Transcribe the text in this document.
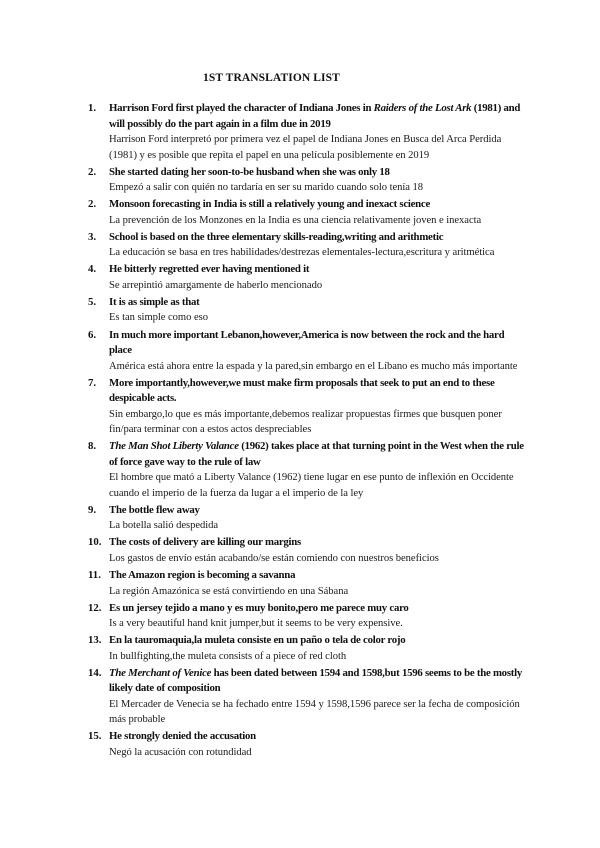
1ST TRANSLATION LIST
1. Harrison Ford first played the character of Indiana Jones in Raiders of the Lost Ark (1981) and will possibly do the part again in a film due in 2019
Harrison Ford interpretó por primera vez el papel de Indiana Jones en Busca del Arca Perdida (1981) y es posible que repita el papel en una película posiblemente en 2019
2. She started dating her soon-to-be husband when she was only 18
Empezó a salir con quién no tardaría en ser su marido cuando solo tenía 18
2. Monsoon forecasting in India is still a relatively young and inexact science
La prevención de los Monzones en la India es una ciencia relativamente joven e inexacta
3. School is based on the three elementary skills-reading,writing and arithmetic
La educación se basa en tres habilidades/destrezas elementales-lectura,escritura y aritmética
4. He bitterly regretted ever having mentioned it
Se arrepintió amargamente de haberlo mencionado
5. It is as simple as that
Es tan simple como eso
6. In much more important Lebanon,however,America is now between the rock and the hard place
América está ahora entre la espada y la pared,sin embargo en el Líbano es mucho más importante
7. More importantly,however,we must make firm proposals that seek to put an end to these despicable acts.
Sin embargo,lo que es más importante,debemos realizar propuestas firmes que busquen poner fin/para terminar con a estos actos despreciables
8. The Man Shot Liberty Valance (1962) takes place at that turning point in the West when the rule of force gave way to the rule of law
El hombre que mató a Liberty Valance (1962) tiene lugar en ese punto de inflexión en Occidente cuando el imperio de la fuerza da lugar a el imperio de la ley
9. The bottle flew away
La botella salió despedida
10. The costs of delivery are killing our margins
Los gastos de envío están acabando/se están comiendo con nuestros beneficios
11. The Amazon region is becoming a savanna
La región Amazónica se está convirtiendo en una Sábana
12. Es un jersey tejido a mano y es muy bonito,pero me parece muy caro
Is a very beautiful hand knit jumper,but it seems to be very expensive.
13. En la tauromaquia,la muleta consiste en un paño o tela de color rojo
In bullfighting,the muleta consists of a piece of red cloth
14. The Merchant of Venice has been dated between 1594 and 1598,but 1596 seems to be the mostly likely date of composition
El Mercader de Venecia se ha fechado entre 1594 y 1598,1596 parece ser la fecha de composición más probable
15. He strongly denied the accusation
Negó la acusación con rotundidad
